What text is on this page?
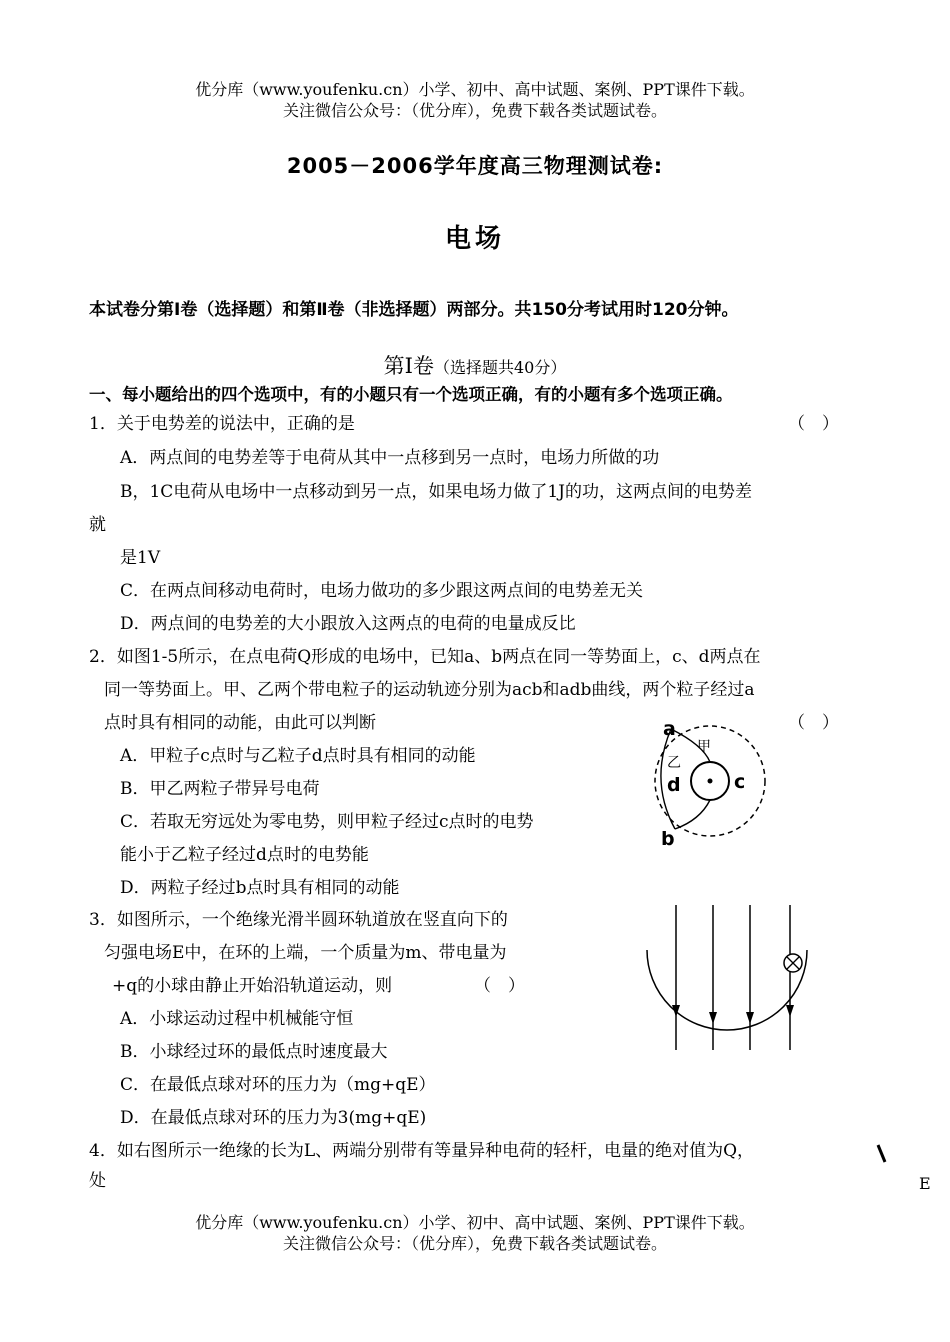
优分库（www.youfenku.cn）小学、初中、高中试题、案例、PPT课件下载。
关注微信公众号：（优分库），免费下载各类试题试卷。
2005－2006学年度高三物理测试卷:
电场
本试卷分第Ⅰ卷（选择题）和第Ⅱ卷（非选择题）两部分。共150分考试用时120分钟。
第Ⅰ卷（选择题共40分）
一、每小题给出的四个选项中，有的小题只有一个选项正确，有的小题有多个选项正确。
1．关于电势差的说法中，正确的是	（　）
A．两点间的电势差等于电荷从其中一点移到另一点时，电场力所做的功
B，1C电荷从电场中一点移动到另一点，如果电场力做了1J的功，这两点间的电势差
就
是1V
C．在两点间移动电荷时，电场力做功的多少跟这两点间的电势差无关
D．两点间的电势差的大小跟放入这两点的电荷的电量成反比
2．如图1-5所示，在点电荷Q形成的电场中，已知a、b两点在同一等势面上，c、d两点在
同一等势面上。甲、乙两个带电粒子的运动轨迹分别为acb和adb曲线，两个粒子经过a
点时具有相同的动能，由此可以判断	（　）
A．甲粒子c点时与乙粒子d点时具有相同的动能
B．甲乙两粒子带异号电荷
C．若取无穷远处为零电势，则甲粒子经过c点时的电势
能小于乙粒子经过d点时的电势能
D．两粒子经过b点时具有相同的动能
a
b
c
d
甲
乙
3．如图所示，一个绝缘光滑半圆环轨道放在竖直向下的
匀强电场E中，在环的上端，一个质量为m、带电量为
+q的小球由静止开始沿轨道运动，则	（　）
A．小球运动过程中机械能守恒
B．小球经过环的最低点时速度最大
C．在最低点球对环的压力为（mg+qE）
D．在最低点球对环的压力为3(mg+qE)
4．如右图所示一绝缘的长为L、两端分别带有等量异种电荷的轻杆，电量的绝对值为Q，
处	E
优分库（www.youfenku.cn）小学、初中、高中试题、案例、PPT课件下载。
关注微信公众号：（优分库），免费下载各类试题试卷。
